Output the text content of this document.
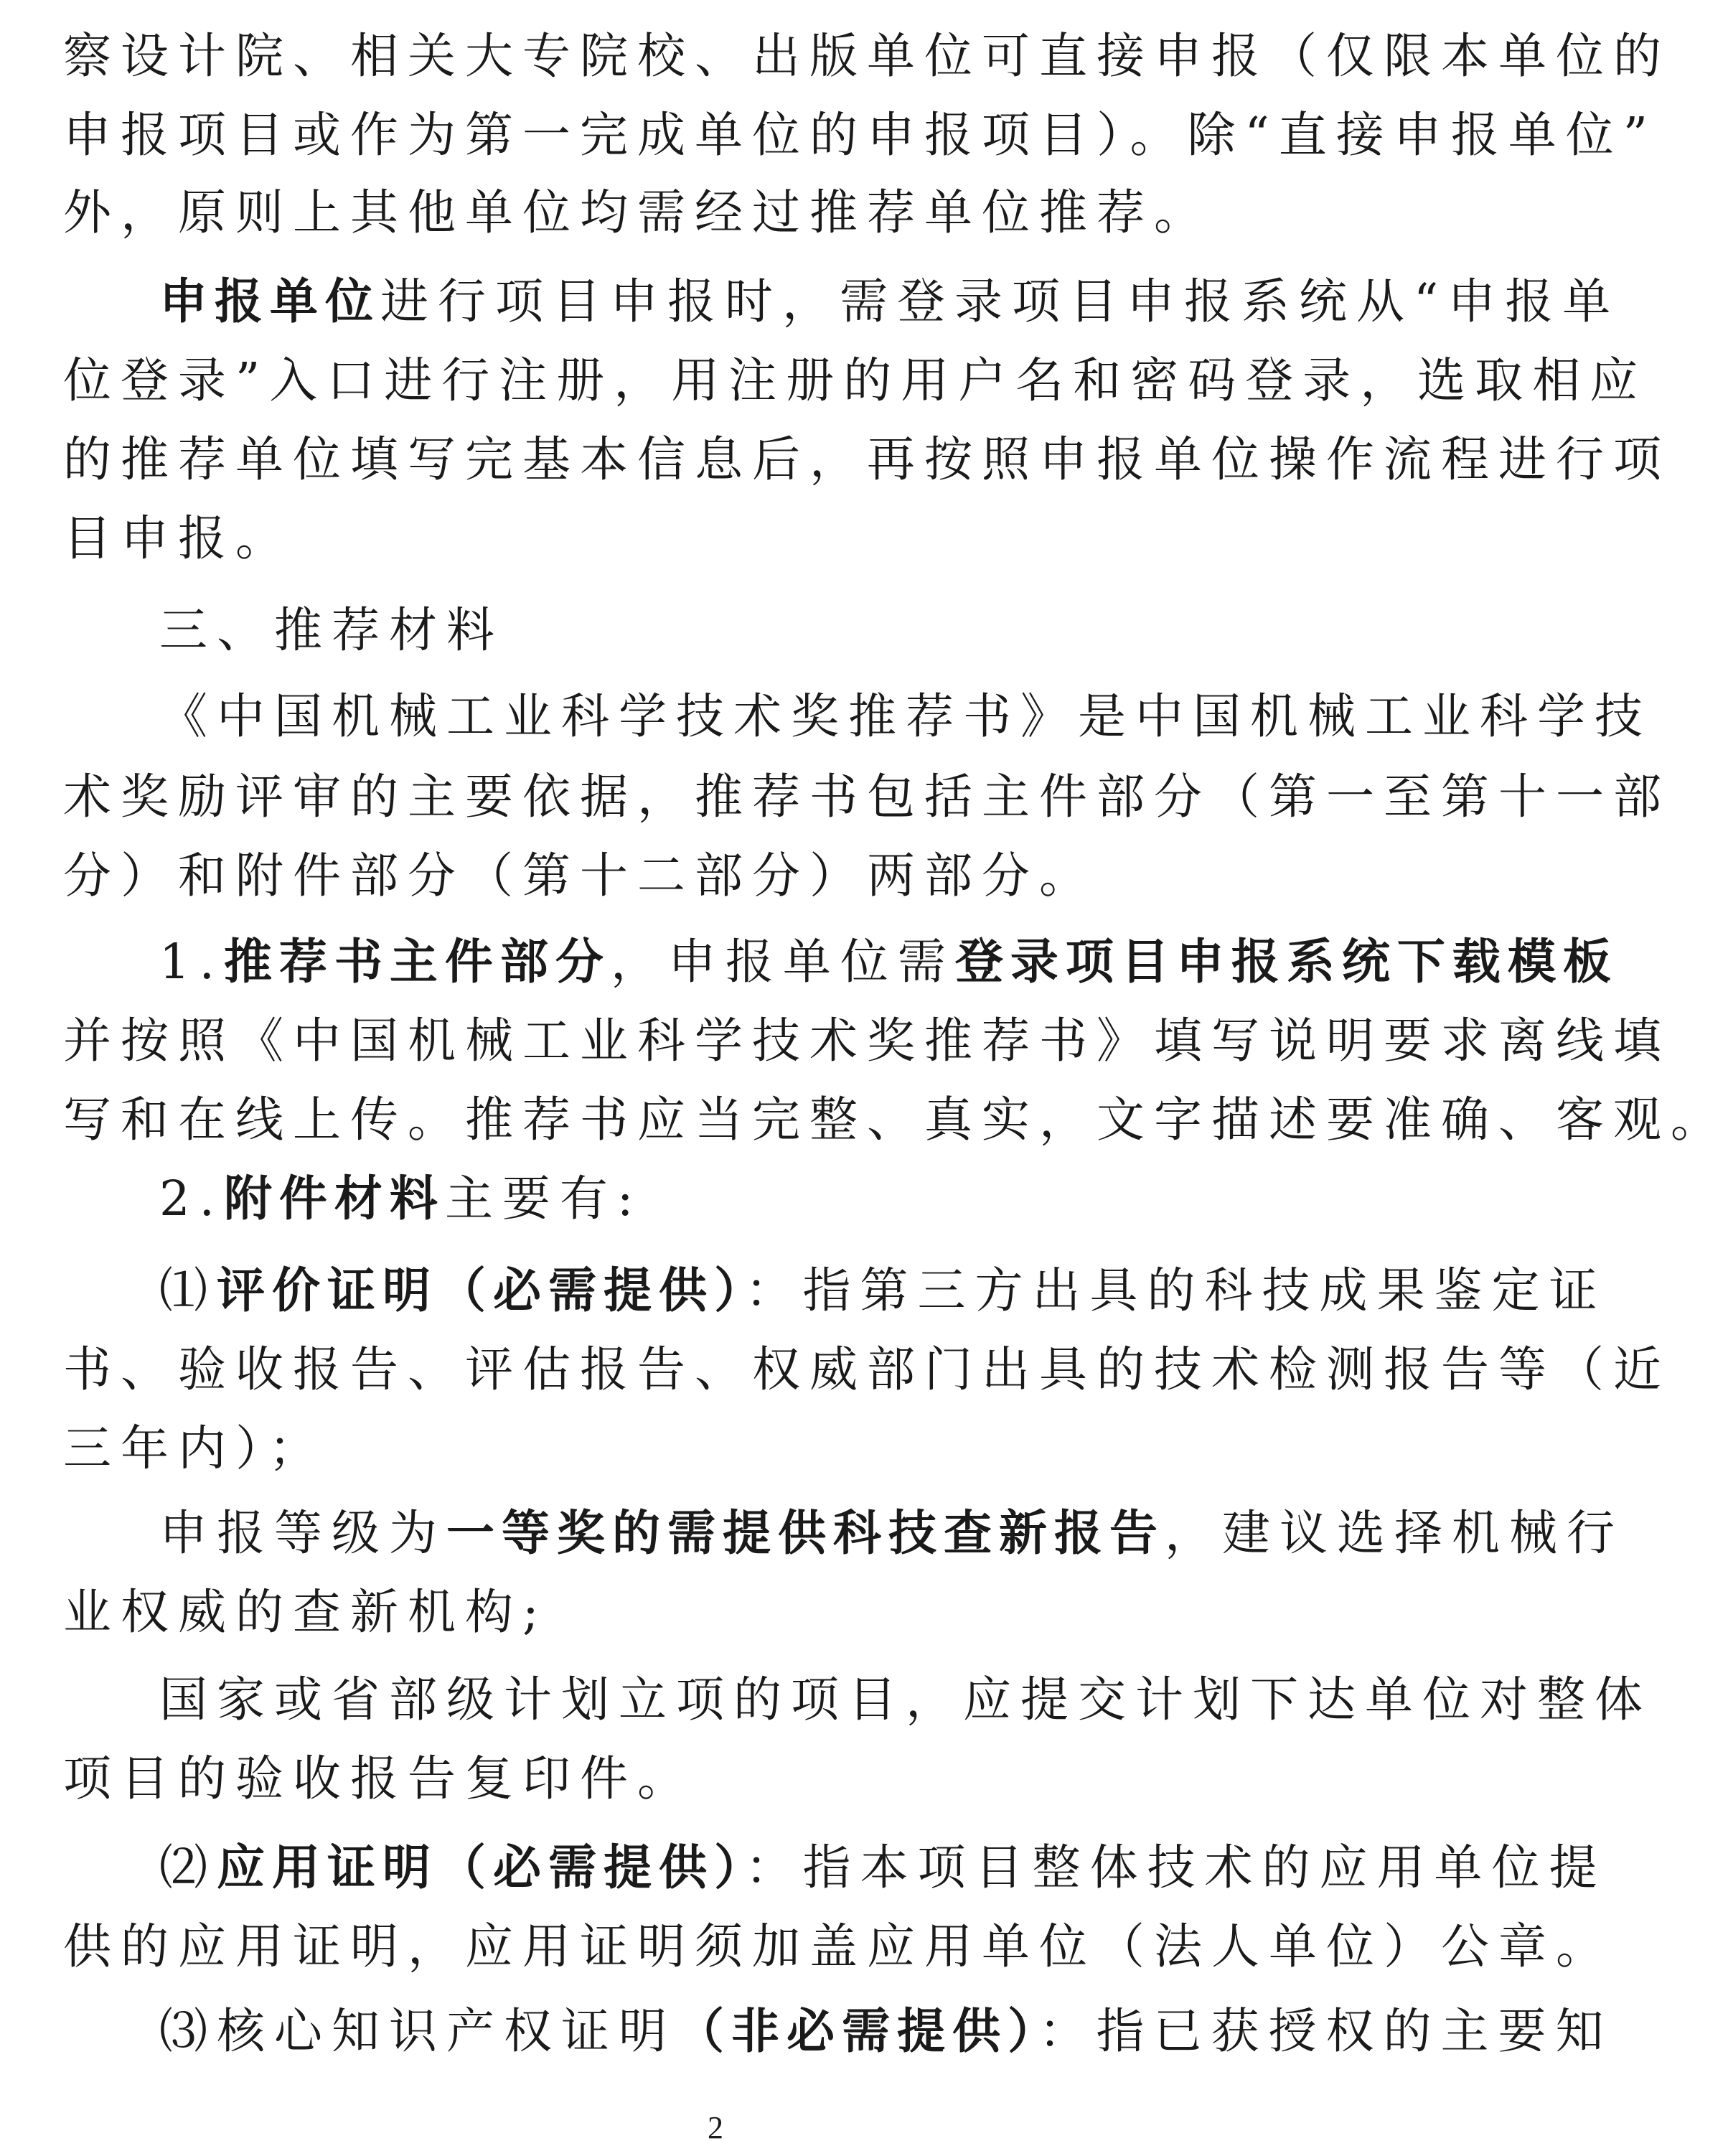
察设计院、相关大专院校、出版单位可直接申报（仅限本单位的
申报项目或作为第一完成单位的申报项目）。除“直接申报单位”
外，原则上其他单位均需经过推荐单位推荐。
申报单位进行项目申报时，需登录项目申报系统从“申报单
位登录”入口进行注册，用注册的用户名和密码登录，选取相应
的推荐单位填写完基本信息后，再按照申报单位操作流程进行项
目申报。
三、推荐材料
《中国机械工业科学技术奖推荐书》是中国机械工业科学技
术奖励评审的主要依据，推荐书包括主件部分（第一至第十一部
分）和附件部分（第十二部分）两部分。
1.推荐书主件部分，申报单位需登录项目申报系统下载模板
并按照《中国机械工业科学技术奖推荐书》填写说明要求离线填
写和在线上传。推荐书应当完整、真实，文字描述要准确、客观。
2.附件材料主要有:
⑴评价证明（必需提供）：指第三方出具的科技成果鉴定证
书、验收报告、评估报告、权威部门出具的技术检测报告等（近
三年内）；
申报等级为一等奖的需提供科技查新报告，建议选择机械行
业权威的查新机构;
国家或省部级计划立项的项目，应提交计划下达单位对整体
项目的验收报告复印件。
⑵应用证明（必需提供）：指本项目整体技术的应用单位提
供的应用证明，应用证明须加盖应用单位（法人单位）公章。
⑶核心知识产权证明（非必需提供）：指已获授权的主要知
2
